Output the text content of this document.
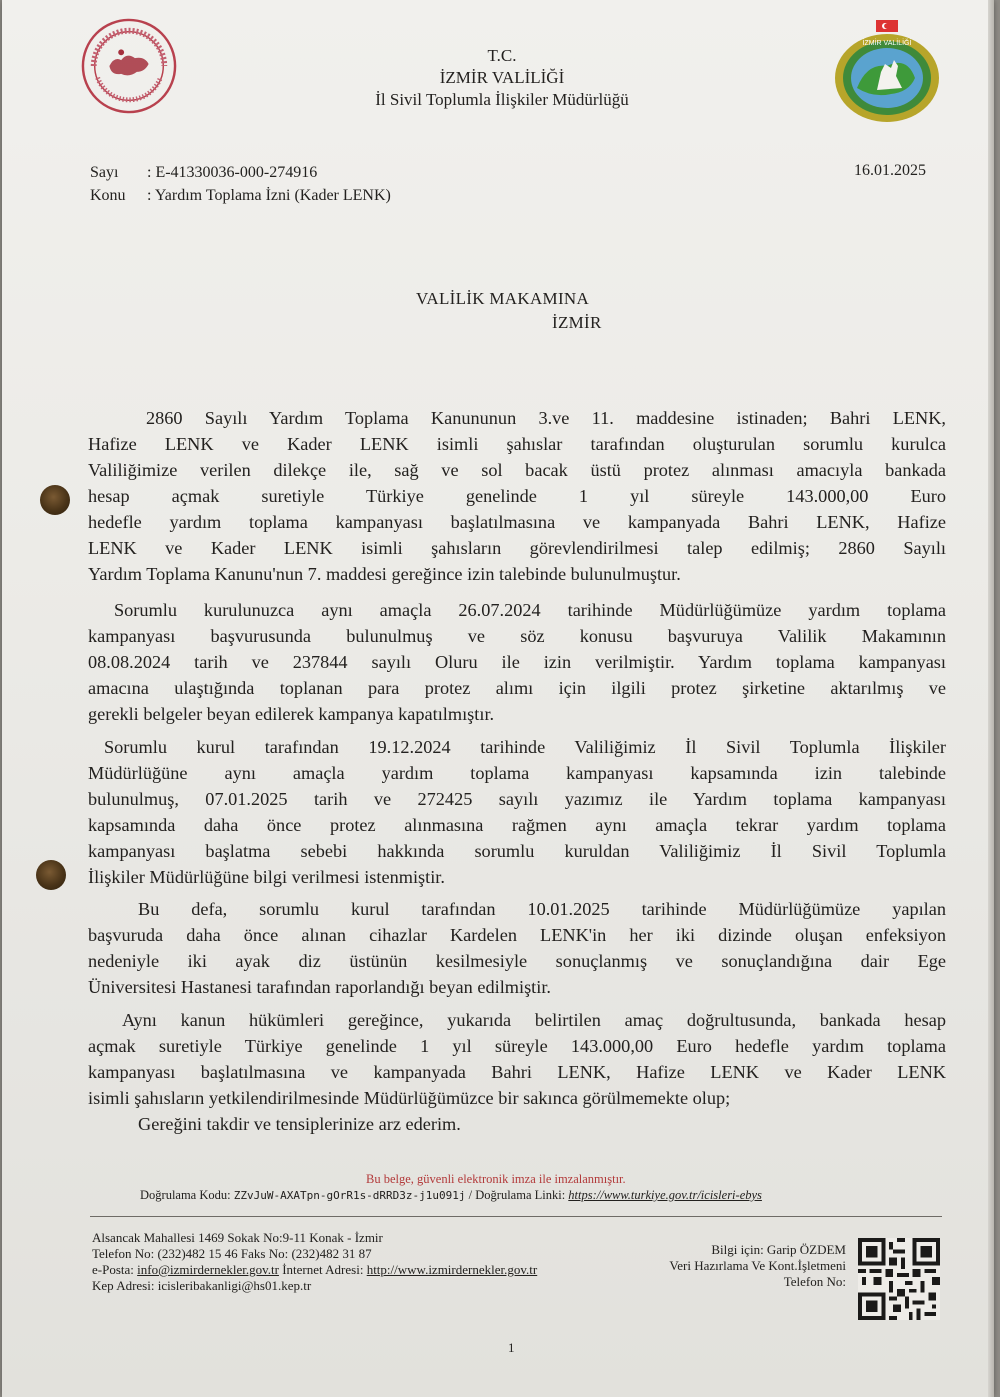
İZMİR VALİLİĞİ
T.C.
İZMİR VALİLİĞİ
İl Sivil Toplumla İlişkiler Müdürlüğü
Sayı : E-41330036-000-274916
Konu : Yardım Toplama İzni (Kader LENK)
16.01.2025
VALİLİK MAKAMINA
İZMİR

2860 Sayılı Yardım Toplama Kanununun 3.ve 11. maddesine istinaden; Bahri LENK,

Hafize LENK ve Kader LENK isimli şahıslar tarafından oluşturulan sorumlu kurulca

Valiliğimize verilen dilekçe ile, sağ ve sol bacak üstü protez alınması amacıyla bankada

hesap açmak suretiyle Türkiye genelinde 1 yıl süreyle 143.000,00 Euro

hedefle yardım toplama kampanyası başlatılmasına ve kampanyada Bahri LENK, Hafize

LENK ve Kader LENK isimli şahısların görevlendirilmesi talep edilmiş; 2860 Sayılı

Yardım Toplama Kanunu'nun 7. maddesi gereğince izin talebinde bulunulmuştur.

Sorumlu kurulunuzca aynı amaçla 26.07.2024 tarihinde Müdürlüğümüze yardım toplama

kampanyası başvurusunda bulunulmuş ve söz konusu başvuruya Valilik Makamının

08.08.2024 tarih ve 237844 sayılı Oluru ile izin verilmiştir. Yardım toplama kampanyası

amacına ulaştığında toplanan para protez alımı için ilgili protez şirketine aktarılmış ve

gerekli belgeler beyan edilerek kampanya kapatılmıştır.

Sorumlu kurul tarafından 19.12.2024 tarihinde Valiliğimiz İl Sivil Toplumla İlişkiler

Müdürlüğüne aynı amaçla yardım toplama kampanyası kapsamında izin talebinde

bulunulmuş, 07.01.2025 tarih ve 272425 sayılı yazımız ile Yardım toplama kampanyası

kapsamında daha önce protez alınmasına rağmen aynı amaçla tekrar yardım toplama

kampanyası başlatma sebebi hakkında sorumlu kuruldan Valiliğimiz İl Sivil Toplumla

İlişkiler Müdürlüğüne bilgi verilmesi istenmiştir.

Bu defa, sorumlu kurul tarafından 10.01.2025 tarihinde Müdürlüğümüze yapılan

başvuruda daha önce alınan cihazlar Kardelen LENK'in her iki dizinde oluşan enfeksiyon

nedeniyle iki ayak diz üstünün kesilmesiyle sonuçlanmış ve sonuçlandığına dair Ege

Üniversitesi Hastanesi tarafından raporlandığı beyan edilmiştir.

Aynı kanun hükümleri gereğince, yukarıda belirtilen amaç doğrultusunda, bankada hesap

açmak suretiyle Türkiye genelinde 1 yıl süreyle 143.000,00 Euro hedefle yardım toplama

kampanyası başlatılmasına ve kampanyada Bahri LENK, Hafize LENK ve Kader LENK

isimli şahısların yetkilendirilmesinde Müdürlüğümüzce bir sakınca görülmemekte olup;

Gereğini takdir ve tensiplerinize arz ederim.

Bu belge, güvenli elektronik imza ile imzalanmıştır.
Doğrulama Kodu: ZZvJuW-AXATpn-gOrR1s-dRRD3z-j1u091j / Doğrulama Linki: https://www.turkiye.gov.tr/icisleri-ebys
Alsancak Mahallesi 1469 Sokak No:9-11 Konak - İzmir
Telefon No: (232)482 15 46 Faks No: (232)482 31 87
e-Posta: info@izmirdernekler.gov.tr İnternet Adresi: http://www.izmirdernekler.gov.tr
Kep Adresi: icisleribakanligi@hs01.kep.tr
Bilgi için: Garip ÖZDEM
Veri Hazırlama Ve Kont.İşletmeni
Telefon No:
1
